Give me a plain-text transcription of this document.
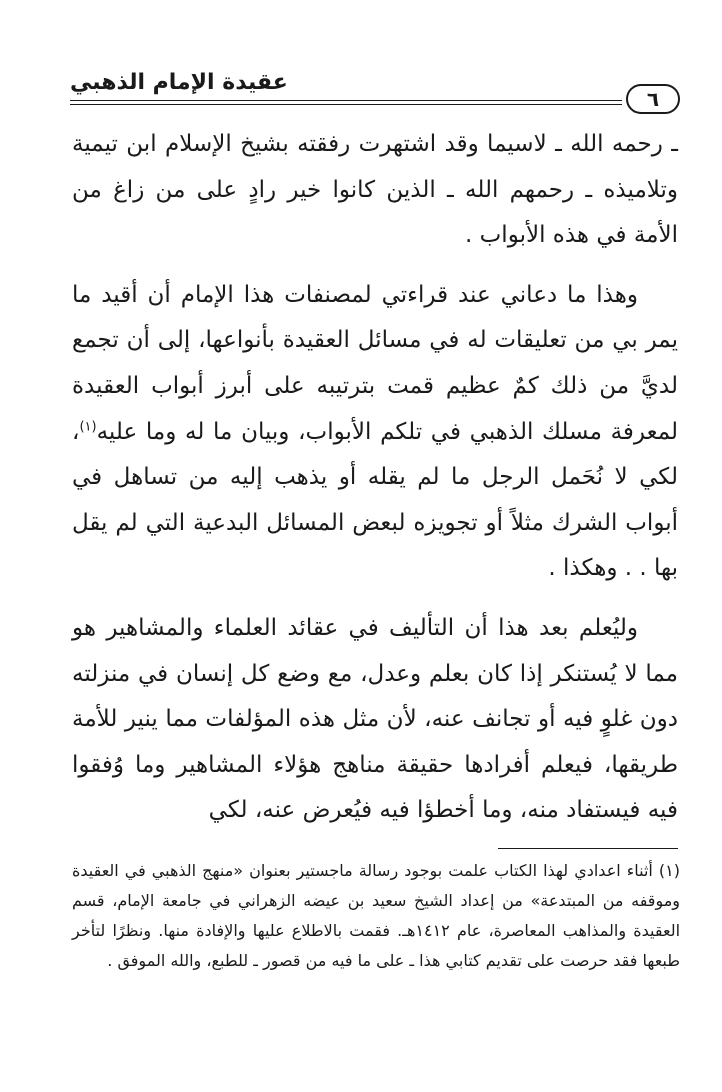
عقيدة الإمام الذهبي
٦

ـ رحمه الله ـ لاسيما وقد اشتهرت رفقته بشيخ الإسلام ابن تيمية وتلاميذه ـ رحمهم الله ـ الذين كانوا خير رادٍ على من زاغ من الأمة في هذه الأبواب .

وهذا ما دعاني عند قراءتي لمصنفات هذا الإمام أن أقيد ما يمر بي من تعليقات له في مسائل العقيدة بأنواعها، إلى أن تجمع لديَّ من ذلك كمٌ عظيم قمت بترتيبه على أبرز أبواب العقيدة لمعرفة مسلك الذهبي في تلكم الأبواب، وبيان ما له وما عليه$^{(١)}$، لكي لا نُحَمل الرجل ما لم يقله أو يذهب إليه من تساهل في أبواب الشرك مثلاً أو تجويزه لبعض المسائل البدعية التي لم يقل بها . . وهكذا .

وليُعلم بعد هذا أن التأليف في عقائد العلماء والمشاهير هو مما لا يُستنكر إذا كان بعلم وعدل، مع وضع كل إنسان في منزلته دون غلوٍ فيه أو تجانف عنه، لأن مثل هذه المؤلفات مما ينير للأمة طريقها، فيعلم أفرادها حقيقة مناهج هؤلاء المشاهير وما وُفقوا فيه فيستفاد منه، وما أخطؤا فيه فيُعرض عنه، لكي

(١) أثناء اعدادي لهذا الكتاب علمت بوجود رسالة ماجستير بعنوان «منهج الذهبي في العقيدة وموقفه من المبتدعة» من إعداد الشيخ سعيد بن عيضه الزهراني في جامعة الإمام، قسم العقيدة والمذاهب المعاصرة، عام ١٤١٢هـ. فقمت بالاطلاع عليها والإفادة منها. ونظرًا لتأخر طبعها فقد حرصت على تقديم كتابي هذا ـ على ما فيه من قصور ـ للطبع، والله الموفق .
